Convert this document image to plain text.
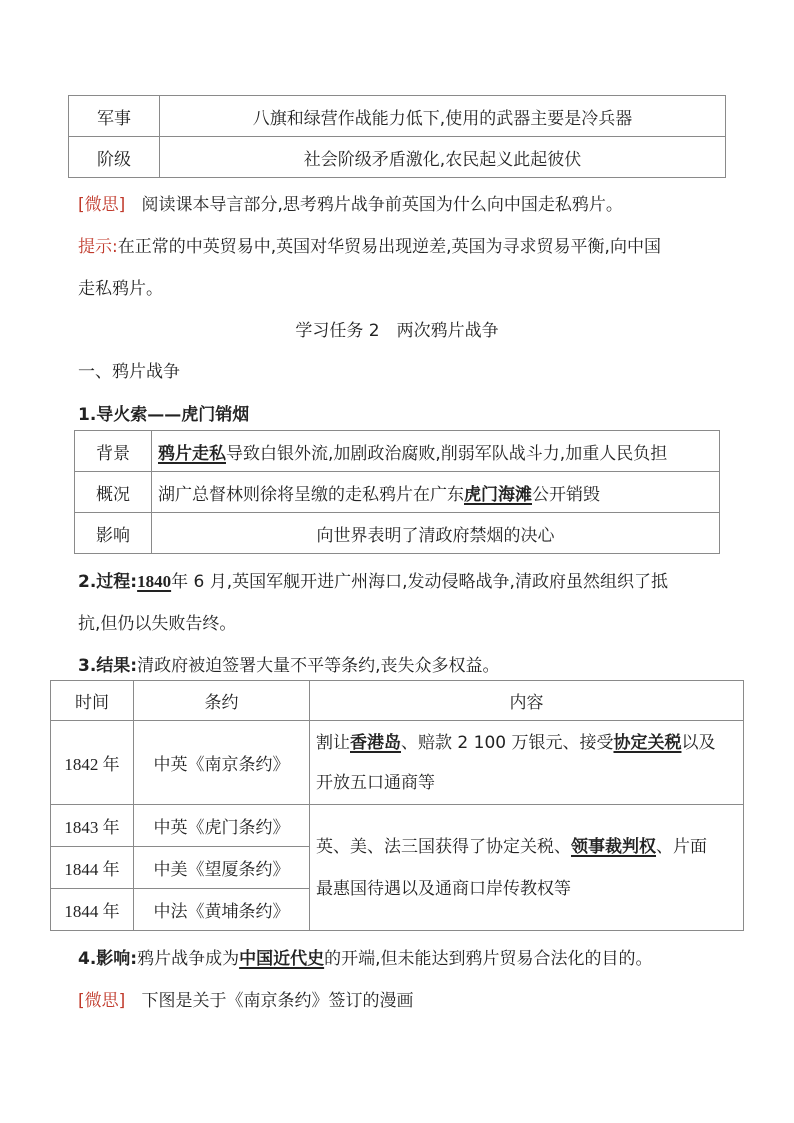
军事	八旗和绿营作战能力低下,使用的武器主要是冷兵器
阶级	社会阶级矛盾激化,农民起义此起彼伏
[微思] 阅读课本导言部分,思考鸦片战争前英国为什么向中国走私鸦片。
提示:在正常的中英贸易中,英国对华贸易出现逆差,英国为寻求贸易平衡,向中国
走私鸦片。
学习任务 2　两次鸦片战争
一、鸦片战争
1.导火索——虎门销烟
背景	鸦片走私导致白银外流,加剧政治腐败,削弱军队战斗力,加重人民负担
概况	湖广总督林则徐将呈缴的走私鸦片在广东虎门海滩公开销毁
影响	向世界表明了清政府禁烟的决心
2.过程:1840年 6 月,英国军舰开进广州海口,发动侵略战争,清政府虽然组织了抵
抗,但仍以失败告终。
3.结果:清政府被迫签署大量不平等条约,丧失众多权益。
时间	条约	内容
1842 年	中英《南京条约》	割让香港岛、赔款 2 100 万银元、接受协定关税以及
开放五口通商等
1843 年	中英《虎门条约》	英、美、法三国获得了协定关税、领事裁判权、片面
最惠国待遇以及通商口岸传教权等
1844 年	中美《望厦条约》	
1844 年	中法《黄埔条约》	
4.影响:鸦片战争成为中国近代史的开端,但未能达到鸦片贸易合法化的目的。
[微思] 下图是关于《南京条约》签订的漫画
